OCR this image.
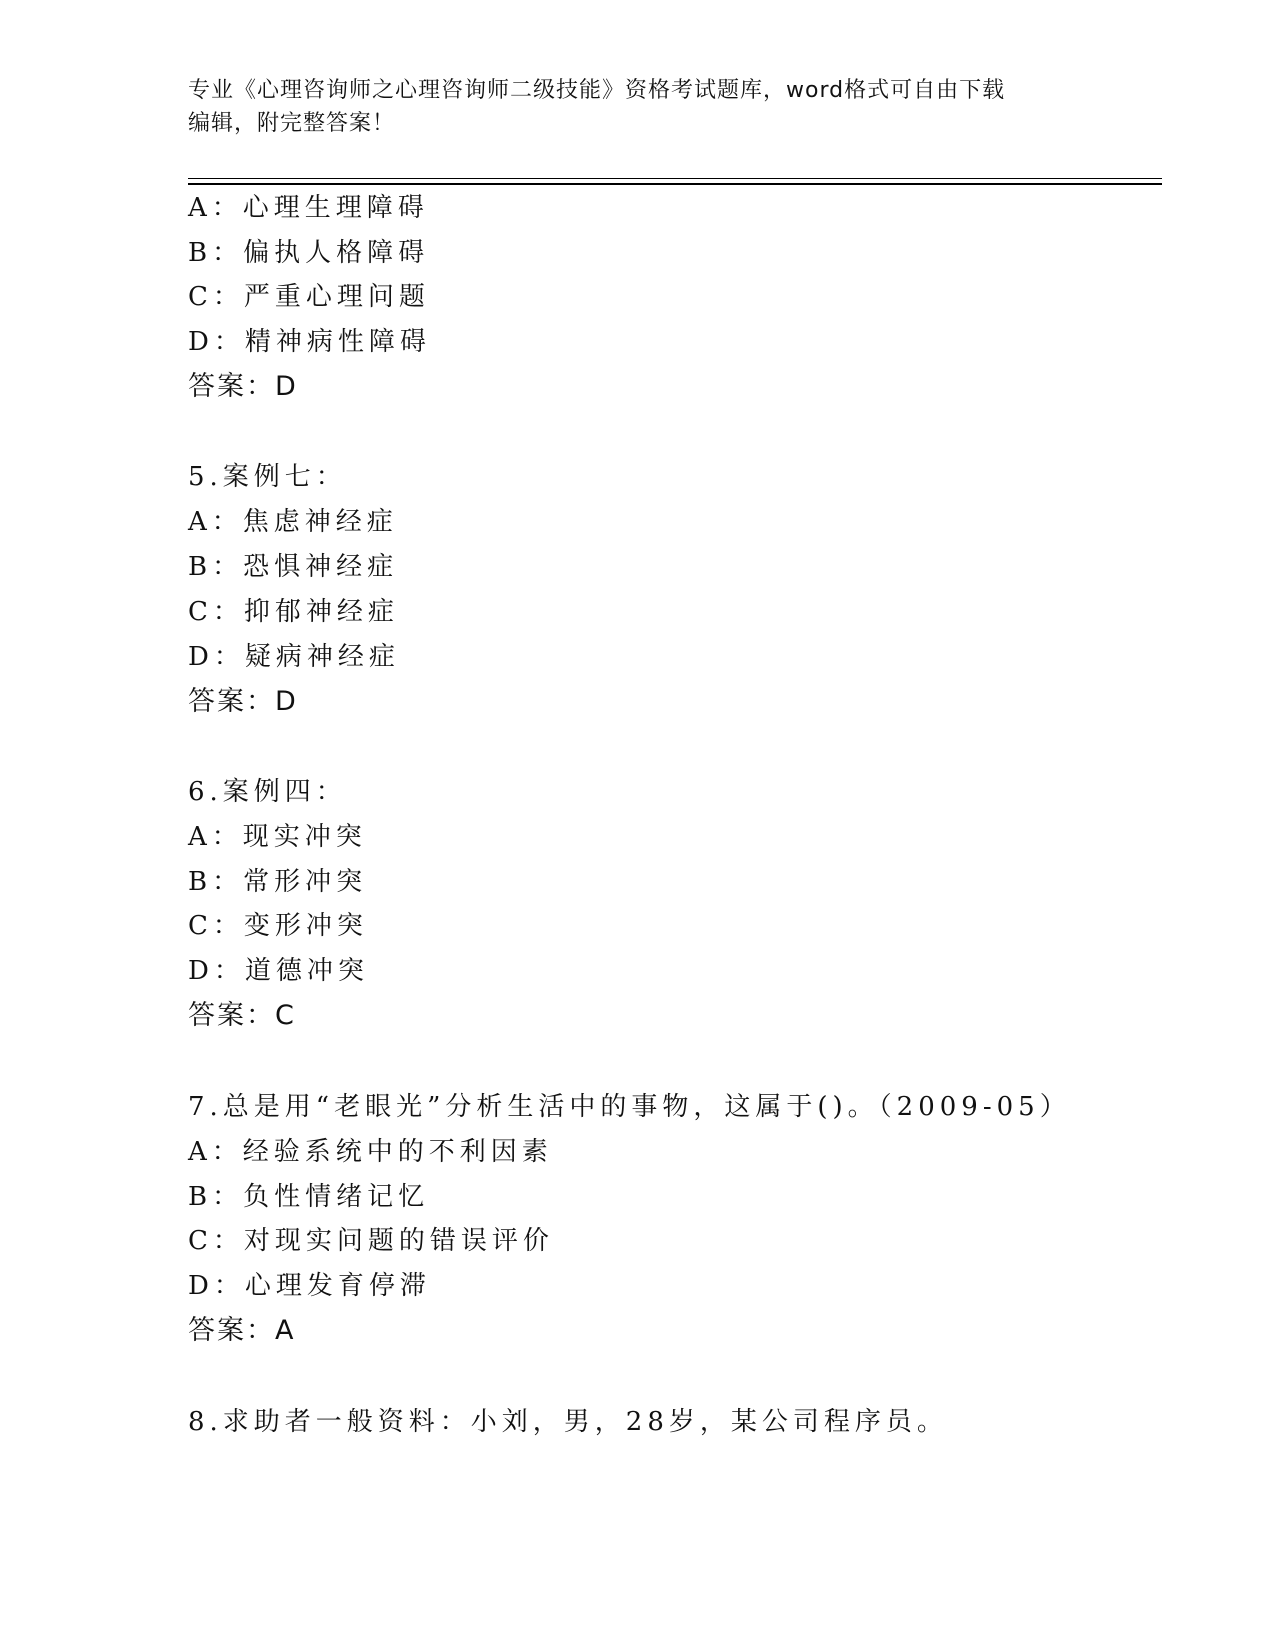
专业《心理咨询师之心理咨询师二级技能》资格考试题库，word格式可自由下载
编辑，附完整答案！
A：心理生理障碍
B：偏执人格障碍
C：严重心理问题
D：精神病性障碍
答案：D
5.案例七：
A：焦虑神经症
B：恐惧神经症
C：抑郁神经症
D：疑病神经症
答案：D
6.案例四：
A：现实冲突
B：常形冲突
C：变形冲突
D：道德冲突
答案：C
7.总是用“老眼光”分析生活中的事物，这属于()。（2009-05）
A：经验系统中的不利因素
B：负性情绪记忆
C：对现实问题的错误评价
D：心理发育停滞
答案：A
8.求助者一般资料：小刘，男，28岁，某公司程序员。
